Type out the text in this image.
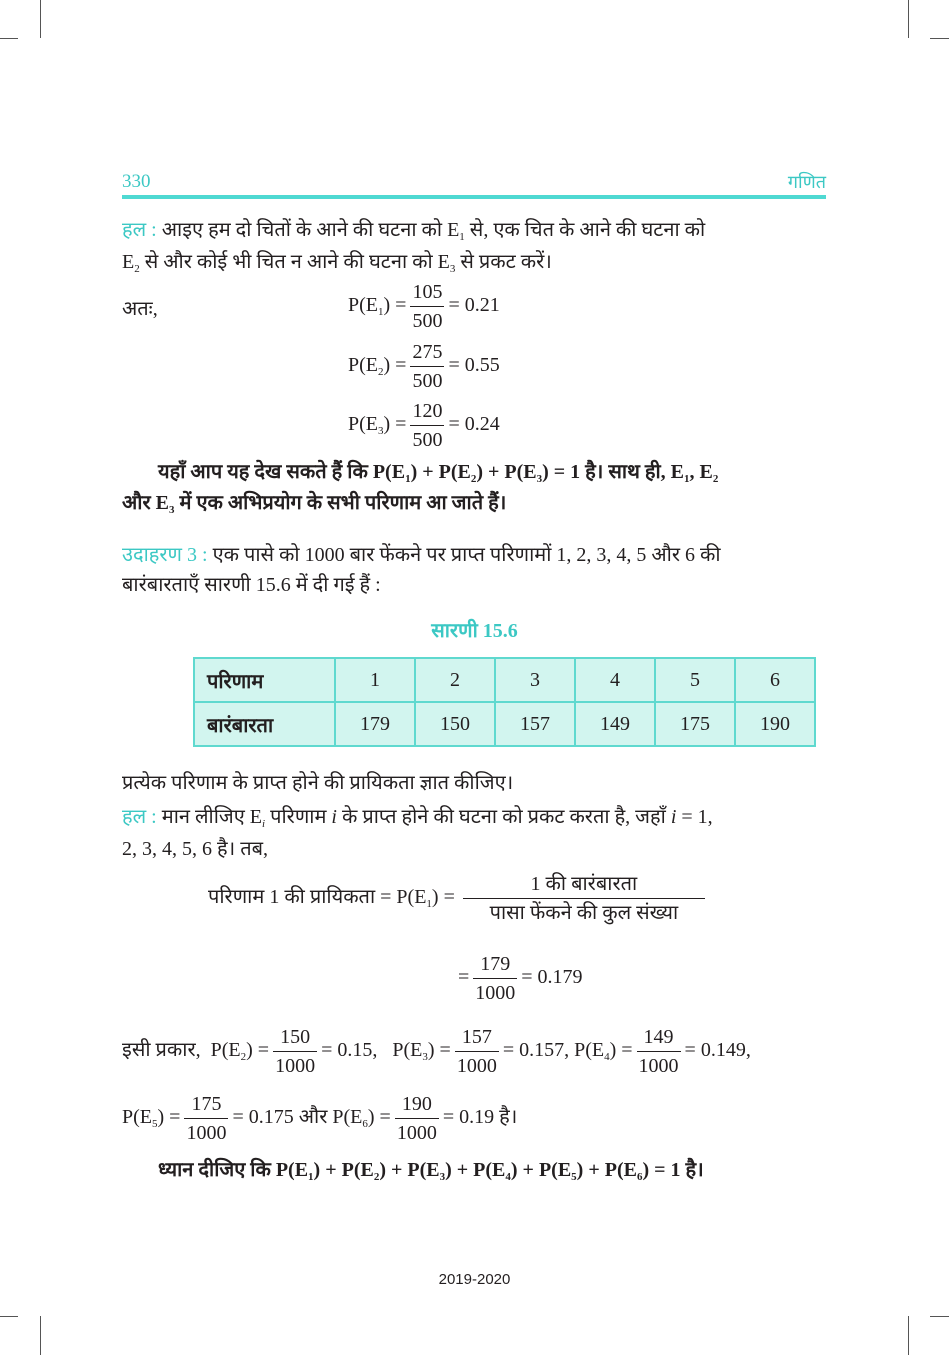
330	गणित
हल : आइए हम दो चितों के आने की घटना को $E_1$ से, एक चित के आने की घटना को
$E_2$ से और कोई भी चित न आने की घटना को $E_3$ से प्रकट करें।
अतः,	$P(E_1) = \frac{105}{500} = 0.21$
$P(E_2) = \frac{275}{500} = 0.55$
$P(E_3) = \frac{120}{500} = 0.24$
यहाँ आप यह देख सकते हैं कि $P(E_1) + P(E_2) + P(E_3) = 1$ है। साथ ही, $E_1$, $E_2$
और $E_3$ में एक अभिप्रयोग के सभी परिणाम आ जाते हैं।
उदाहरण 3 : एक पासे को 1000 बार फेंकने पर प्राप्त परिणामों 1, 2, 3, 4, 5 और 6 की
बारंबारताएँ सारणी 15.6 में दी गई हैं :
सारणी 15.6
परिणाम	1	2	3	4	5	6
बारंबारता	179	150	157	149	175	190
प्रत्येक परिणाम के प्राप्त होने की प्रायिकता ज्ञात कीजिए।
हल : मान लीजिए $E_i$ परिणाम i के प्राप्त होने की घटना को प्रकट करता है, जहाँ i = 1,
2, 3, 4, 5, 6 है। तब,
परिणाम 1 की प्रायिकता = $P(E_1) = \frac{\text{1 की बारंबारता}}{\text{पासा फेंकने की कुल संख्या}}$
= $\frac{179}{1000} = 0.179$
इसी प्रकार, $P(E_2) = \frac{150}{1000} = 0.15$, $P(E_3) = \frac{157}{1000} = 0.157$, $P(E_4) = \frac{149}{1000} = 0.149$,
$P(E_5) = \frac{175}{1000} = 0.175$ और $P(E_6) = \frac{190}{1000} = 0.19$ है।
ध्यान दीजिए कि $P(E_1) + P(E_2) + P(E_3) + P(E_4) + P(E_5) + P(E_6) = 1$ है।
2019-2020
